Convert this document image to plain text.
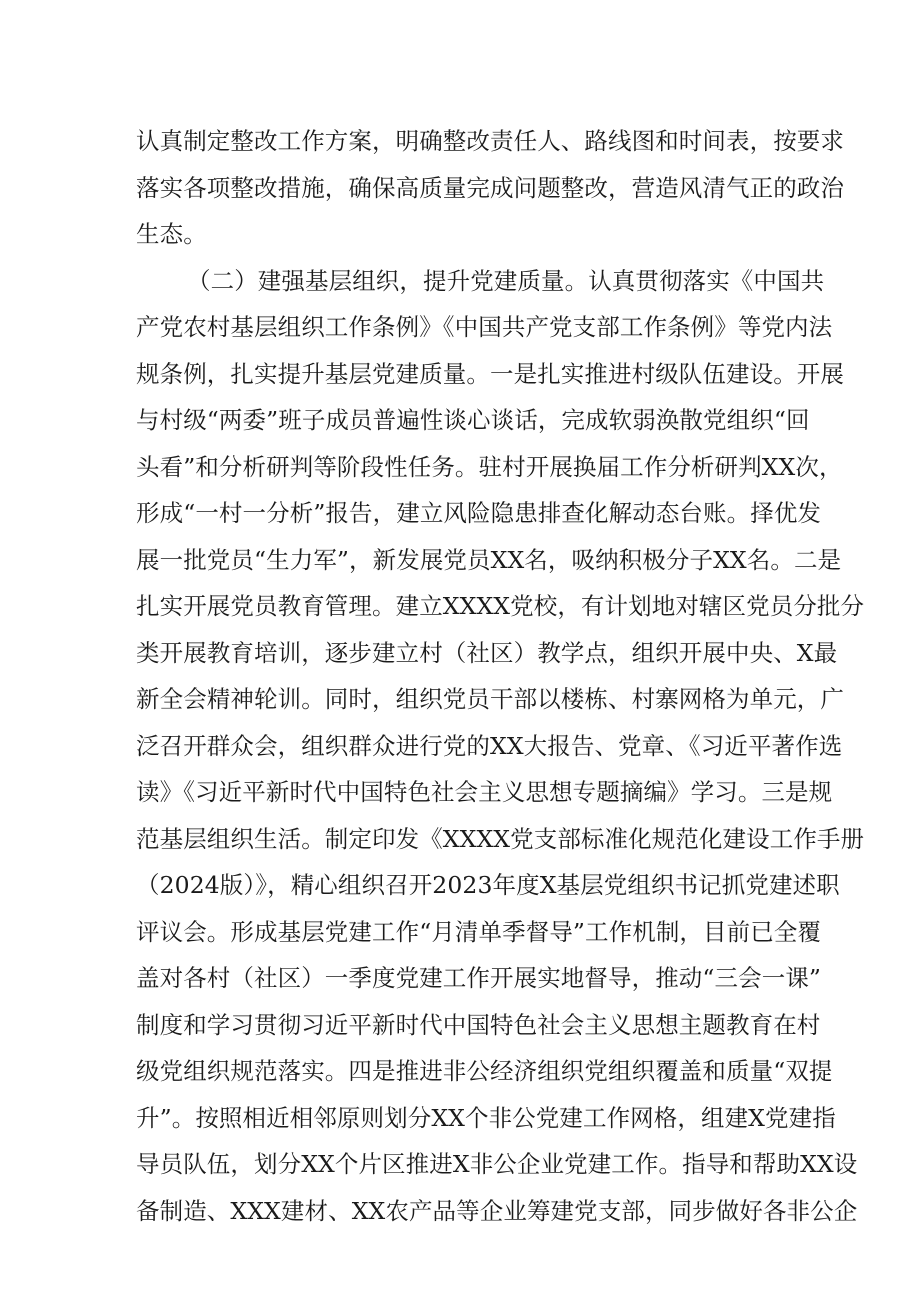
认真制定整改工作方案，明确整改责任人、路线图和时间表，按要求
落实各项整改措施，确保高质量完成问题整改，营造风清气正的政治
生态。
（二）建强基层组织，提升党建质量。认真贯彻落实《中国共
产党农村基层组织工作条例》《中国共产党支部工作条例》等党内法
规条例，扎实提升基层党建质量。一是扎实推进村级队伍建设。开展
与村级“两委”班子成员普遍性谈心谈话，完成软弱涣散党组织“回
头看”和分析研判等阶段性任务。驻村开展换届工作分析研判XX次，
形成“一村一分析”报告，建立风险隐患排查化解动态台账。择优发
展一批党员“生力军”，新发展党员XX名，吸纳积极分子XX名。二是
扎实开展党员教育管理。建立XXXX党校，有计划地对辖区党员分批分
类开展教育培训，逐步建立村（社区）教学点，组织开展中央、X最
新全会精神轮训。同时，组织党员干部以楼栋、村寨网格为单元，广
泛召开群众会，组织群众进行党的XX大报告、党章、《习近平著作选
读》《习近平新时代中国特色社会主义思想专题摘编》学习。三是规
范基层组织生活。制定印发《XXXX党支部标准化规范化建设工作手册
（2024版）》，精心组织召开2023年度X基层党组织书记抓党建述职
评议会。形成基层党建工作“月清单季督导”工作机制，目前已全覆
盖对各村（社区）一季度党建工作开展实地督导，推动“三会一课”
制度和学习贯彻习近平新时代中国特色社会主义思想主题教育在村
级党组织规范落实。四是推进非公经济组织党组织覆盖和质量“双提
升”。按照相近相邻原则划分XX个非公党建工作网格，组建X党建指
导员队伍，划分XX个片区推进X非公企业党建工作。指导和帮助XX设
备制造、XXX建材、XX农产品等企业筹建党支部，同步做好各非公企
